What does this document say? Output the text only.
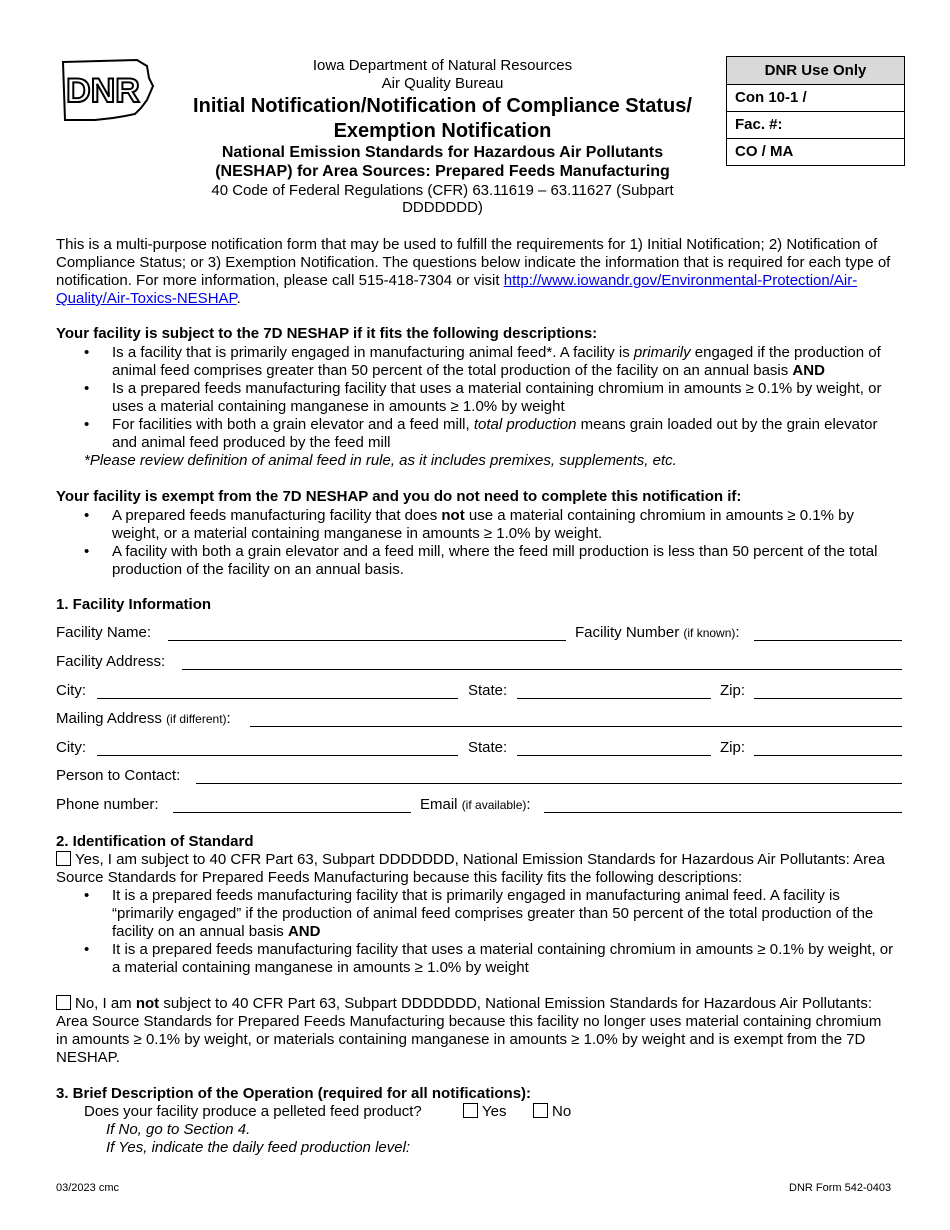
DNR
Iowa Department of Natural Resources
Air Quality Bureau
Initial Notification/Notification of Compliance Status/
Exemption Notification
National Emission Standards for Hazardous Air Pollutants
(NESHAP) for Area Sources: Prepared Feeds Manufacturing
40 Code of Federal Regulations (CFR) 63.11619 – 63.11627 (Subpart
DDDDDDD)
DNR Use Only
Con 10-1 /
Fac. #:
CO / MA

This is a multi-purpose notification form that may be used to fulfill the requirements for 1) Initial Notification; 2) Notification of Compliance Status; or 3) Exemption Notification. The questions below indicate the information that is required for each type of notification. For more information, please call 515-418-7304 or visit http://www.iowandr.gov/Environmental-Protection/Air-Quality/Air-Toxics-NESHAP.

Your facility is subject to the 7D NESHAP if it fits the following descriptions:

• Is a facility that is primarily engaged in manufacturing animal feed*. A facility is primarily engaged if the production of animal feed comprises greater than 50 percent of the total production of the facility on an annual basis AND
• Is a prepared feeds manufacturing facility that uses a material containing chromium in amounts ≥ 0.1% by weight, or uses a material containing manganese in amounts ≥ 1.0% by weight
• For facilities with both a grain elevator and a feed mill, total production means grain loaded out by the grain elevator and animal feed produced by the feed mill

*Please review definition of animal feed in rule, as it includes premixes, supplements, etc.

Your facility is exempt from the 7D NESHAP and you do not need to complete this notification if:

• A prepared feeds manufacturing facility that does not use a material containing chromium in amounts ≥ 0.1% by weight, or a material containing manganese in amounts ≥ 1.0% by weight.
• A facility with both a grain elevator and a feed mill, where the feed mill production is less than 50 percent of the total production of the facility on an annual basis.
1. Facility Information
Facility Name:	Facility Number (if known):
Facility Address:
City:	State:	Zip:
Mailing Address (if different):
City:	State:	Zip:
Person to Contact:
Phone number:	Email (if available):

2. Identification of Standard

Yes, I am subject to 40 CFR Part 63, Subpart DDDDDDD, National Emission Standards for Hazardous Air Pollutants: Area Source Standards for Prepared Feeds Manufacturing because this facility fits the following descriptions:

• It is a prepared feeds manufacturing facility that is primarily engaged in manufacturing animal feed. A facility is “primarily engaged” if the production of animal feed comprises greater than 50 percent of the total production of the facility on an annual basis AND
• It is a prepared feeds manufacturing facility that uses a material containing chromium in amounts ≥ 0.1% by weight, or a material containing manganese in amounts ≥ 1.0% by weight

No, I am not subject to 40 CFR Part 63, Subpart DDDDDDD, National Emission Standards for Hazardous Air Pollutants: Area Source Standards for Prepared Feeds Manufacturing because this facility no longer uses material containing chromium in amounts ≥ 0.1% by weight, or materials containing manganese in amounts ≥ 1.0% by weight and is exempt from the 7D NESHAP.

3. Brief Description of the Operation (required for all notifications):
Does your facility produce a pelleted feed product?	Yes	No
If No, go to Section 4.
If Yes, indicate the daily feed production level:
03/2023 cmc	DNR Form 542-0403
